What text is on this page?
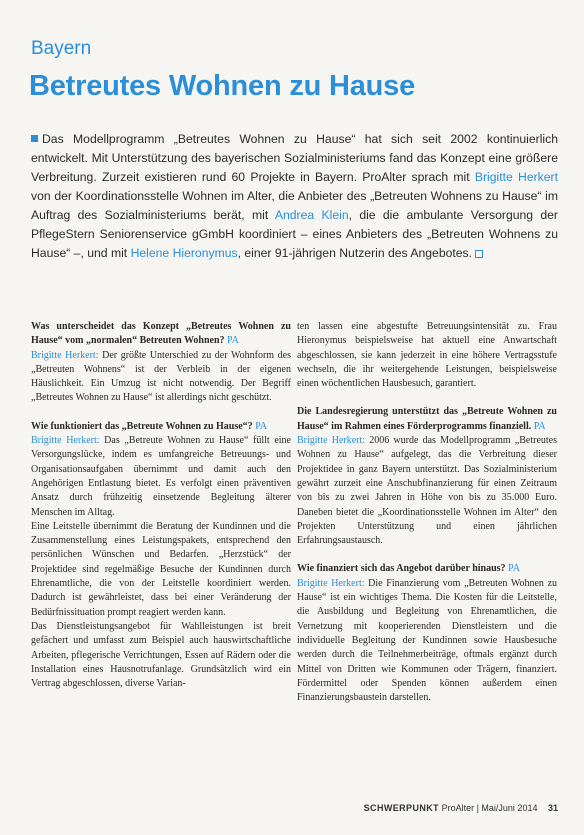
Bayern
Betreutes Wohnen zu Hause
Das Modellprogramm „Betreutes Wohnen zu Hause“ hat sich seit 2002 kontinuierlich entwickelt. Mit Unterstützung des bayerischen Sozialministeriums fand das Konzept eine größere Verbreitung. Zurzeit existieren rund 60 Projekte in Bayern. ProAlter sprach mit Brigitte Herkert von der Koordinationsstelle Wohnen im Alter, die Anbieter des „Betreuten Wohnens zu Hause“ im Auftrag des Sozialministeriums berät, mit Andrea Klein, die die ambulante Versorgung der PflegeStern Seniorenservice gGmbH koordiniert – eines Anbieters des „Betreuten Wohnens zu Hause“ –, und mit Helene Hieronymus, einer 91-jährigen Nutzerin des Angebotes.

Was unterscheidet das Konzept „Betreutes Wohnen zu Hause“ vom „normalen“ Betreuten Wohnen? PA

Brigitte Herkert: Der größte Unterschied zu der Wohnform des „Betreuten Wohnens“ ist der Verbleib in der eigenen Häuslichkeit. Ein Umzug ist nicht notwendig. Der Begriff „Betreutes Wohnen zu Hause“ ist allerdings nicht geschützt.

Wie funktioniert das „Betreute Wohnen zu Hause“? PA

Brigitte Herkert: Das „Betreute Wohnen zu Hause“ füllt eine Versorgungslücke, indem es umfangreiche Betreuungs- und Organisationsaufgaben übernimmt und damit auch den Angehörigen Entlastung bietet. Es verfolgt einen präventiven Ansatz durch frühzeitig einsetzende Begleitung älterer Menschen im Alltag.

Eine Leitstelle übernimmt die Beratung der Kundinnen und die Zusammenstellung eines Leistungspakets, entsprechend den persönlichen Wünschen und Bedarfen. „Herzstück“ der Projektidee sind regelmäßige Besuche der Kundinnen durch Ehrenamtliche, die von der Leitstelle koordiniert werden. Dadurch ist gewährleistet, dass bei einer Veränderung der Bedürfnissituation prompt reagiert werden kann.

Das Dienstleistungsangebot für Wahlleistungen ist breit gefächert und umfasst zum Beispiel auch hauswirtschaftliche Arbeiten, pflegerische Verrichtungen, Essen auf Rädern oder die Installation eines Hausnotrufanlage. Grundsätzlich wird ein Vertrag abgeschlossen, diverse Varian-

ten lassen eine abgestufte Betreuungsintensität zu. Frau Hieronymus beispielsweise hat aktuell eine Anwartschaft abgeschlossen, sie kann jederzeit in eine höhere Vertragsstufe wechseln, die ihr weitergehende Leistungen, beispielsweise einen wöchentlichen Hausbesuch, garantiert.

Die Landesregierung unterstützt das „Betreute Wohnen zu Hause“ im Rahmen eines Förderprogramms finanziell. PA

Brigitte Herkert: 2006 wurde das Modellprogramm „Betreutes Wohnen zu Hause“ aufgelegt, das die Verbreitung dieser Projektidee in ganz Bayern unterstützt. Das Sozialministerium gewährt zurzeit eine Anschubfinanzierung für einen Zeitraum von bis zu zwei Jahren in Höhe von bis zu 35.000 Euro. Daneben bietet die „Koordinationsstelle Wohnen im Alter“ den Projekten Unterstützung und einen jährlichen Erfahrungsaustausch.

Wie finanziert sich das Angebot darüber hinaus? PA

Brigitte Herkert: Die Finanzierung vom „Betreuten Wohnen zu Hause“ ist ein wichtiges Thema. Die Kosten für die Leitstelle, die Ausbildung und Begleitung von Ehrenamtlichen, die Vernetzung mit kooperierenden Dienstleistern und die individuelle Begleitung der Kundinnen sowie Hausbesuche werden durch die Teilnehmerbeiträge, oftmals ergänzt durch Mittel von Dritten wie Kommunen oder Trägern, finanziert. Fördermittel oder Spenden können außerdem einen Finanzierungsbaustein darstellen.

SCHWERPUNKT ProAlter | Mai/Juni 2014 31
